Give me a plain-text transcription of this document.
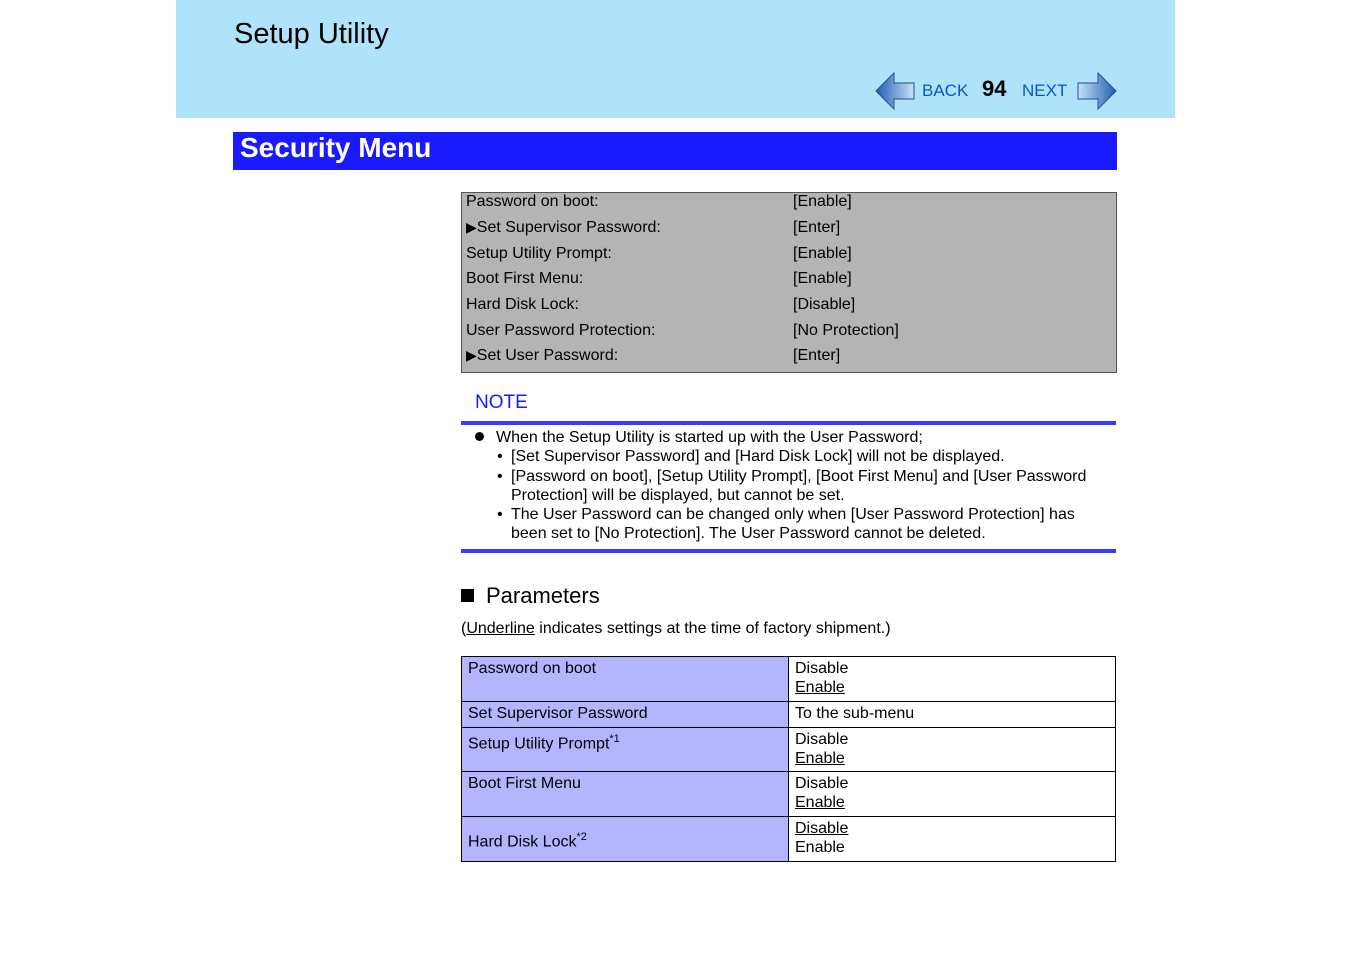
Setup Utility
BACK 94 NEXT
Security Menu
Password on boot:	[Enable]
▶Set Supervisor Password:	[Enter]
Setup Utility Prompt:	[Enable]
Boot First Menu:	[Enable]
Hard Disk Lock:	[Disable]
User Password Protection:	[No Protection]
▶Set User Password:	[Enter]
NOTE
When the Setup Utility is started up with the User Password;
• [Set Supervisor Password] and [Hard Disk Lock] will not be displayed.
• [Password on boot], [Setup Utility Prompt], [Boot First Menu] and [User Password Protection] will be displayed, but cannot be set.
• The User Password can be changed only when [User Password Protection] has been set to [No Protection]. The User Password cannot be deleted.
Parameters
(Underline indicates settings at the time of factory shipment.)
Password on boot	Disable
Enable

Set Supervisor Password	To the sub-menu

Setup Utility Prompt$^{*1}$	Disable
Enable

Boot First Menu	Disable
Enable

Hard Disk Lock$^{*2}$	Disable
Enable
